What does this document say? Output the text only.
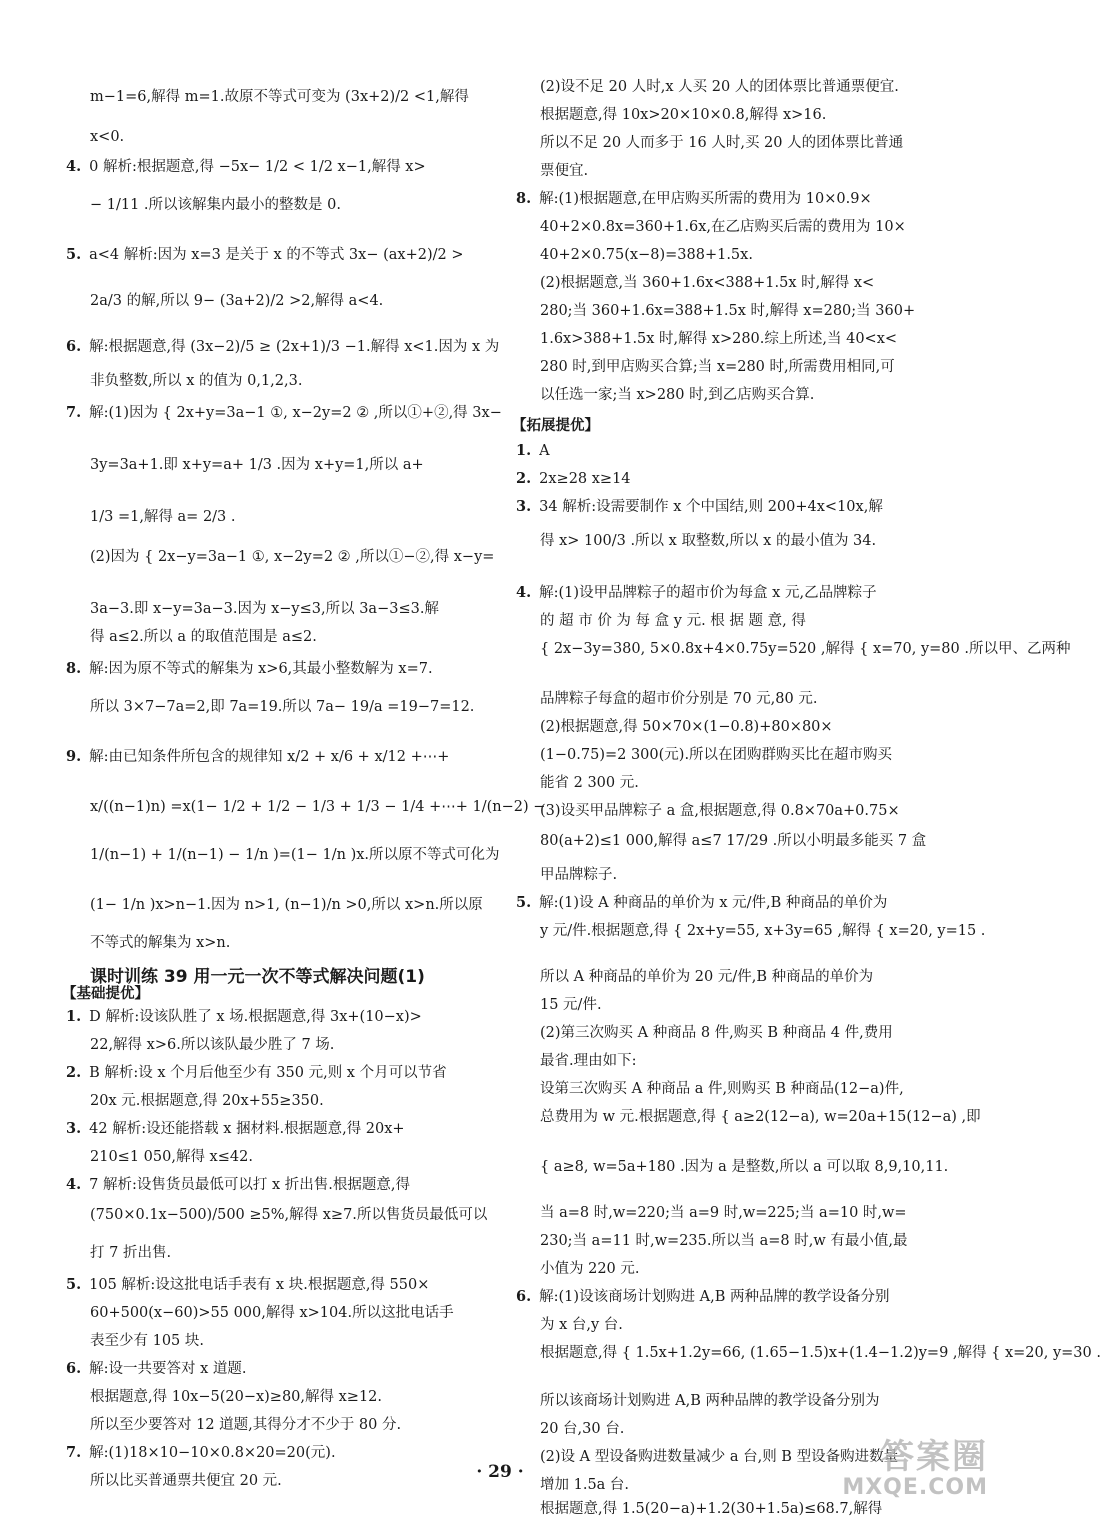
m−1=6,解得 m=1.故原不等式可变为 (3x+2)/2 <1,解得
x<0.
4. 0 解析:根据题意,得 −5x− 1/2 < 1/2 x−1,解得 x>
− 1/11 .所以该解集内最小的整数是 0.
5. a<4 解析:因为 x=3 是关于 x 的不等式 3x− (ax+2)/2 >
2a/3 的解,所以 9− (3a+2)/2 >2,解得 a<4.
6. 解:根据题意,得 (3x−2)/5 ≥ (2x+1)/3 −1.解得 x<1.因为 x 为
非负整数,所以 x 的值为 0,1,2,3.
7. 解:(1)因为 { 2x+y=3a−1 ①, x−2y=2 ② ,所以①+②,得 3x−
3y=3a+1.即 x+y=a+ 1/3 .因为 x+y=1,所以 a+
1/3 =1,解得 a= 2/3 .
(2)因为 { 2x−y=3a−1 ①, x−2y=2 ② ,所以①−②,得 x−y=
3a−3.即 x−y=3a−3.因为 x−y≤3,所以 3a−3≤3.解
得 a≤2.所以 a 的取值范围是 a≤2.
8. 解:因为原不等式的解集为 x>6,其最小整数解为 x=7.
所以 3×7−7a=2,即 7a=19.所以 7a− 19/a =19−7=12.
9. 解:由已知条件所包含的规律知 x/2 + x/6 + x/12 +⋯+
x/((n−1)n) =x(1− 1/2 + 1/2 − 1/3 + 1/3 − 1/4 +⋯+ 1/(n−2) −
1/(n−1) + 1/(n−1) − 1/n )=(1− 1/n )x.所以原不等式可化为
(1− 1/n )x>n−1.因为 n>1, (n−1)/n >0,所以 x>n.所以原
不等式的解集为 x>n.
1. D 解析:设该队胜了 x 场.根据题意,得 3x+(10−x)>
22,解得 x>6.所以该队最少胜了 7 场.
2. B 解析:设 x 个月后他至少有 350 元,则 x 个月可以节省
20x 元.根据题意,得 20x+55≥350.
3. 42 解析:设还能搭载 x 捆材料.根据题意,得 20x+
210≤1 050,解得 x≤42.
4. 7 解析:设售货员最低可以打 x 折出售.根据题意,得
(750×0.1x−500)/500 ≥5%,解得 x≥7.所以售货员最低可以
打 7 折出售.
5. 105 解析:设这批电话手表有 x 块.根据题意,得 550×
60+500(x−60)>55 000,解得 x>104.所以这批电话手
表至少有 105 块.
6. 解:设一共要答对 x 道题.
根据题意,得 10x−5(20−x)≥80,解得 x≥12.
所以至少要答对 12 道题,其得分才不少于 80 分.
7. 解:(1)18×10−10×0.8×20=20(元).
所以比买普通票共便宜 20 元.
(2)设不足 20 人时,x 人买 20 人的团体票比普通票便宜.
根据题意,得 10x>20×10×0.8,解得 x>16.
所以不足 20 人而多于 16 人时,买 20 人的团体票比普通
票便宜.
8. 解:(1)根据题意,在甲店购买所需的费用为 10×0.9×
40+2×0.8x=360+1.6x,在乙店购买后需的费用为 10×
40+2×0.75(x−8)=388+1.5x.
(2)根据题意,当 360+1.6x<388+1.5x 时,解得 x<
280;当 360+1.6x=388+1.5x 时,解得 x=280;当 360+
1.6x>388+1.5x 时,解得 x>280.综上所述,当 40<x<
280 时,到甲店购买合算;当 x=280 时,所需费用相同,可
以任选一家;当 x>280 时,到乙店购买合算.
1. A
2. 2x≥28 x≥14
3. 34 解析:设需要制作 x 个中国结,则 200+4x<10x,解
得 x> 100/3 .所以 x 取整数,所以 x 的最小值为 34.
4. 解:(1)设甲品牌粽子的超市价为每盒 x 元,乙品牌粽子
的 超 市 价 为 每 盒 y 元. 根 据 题 意, 得
{ 2x−3y=380, 5×0.8x+4×0.75y=520 ,解得 { x=70, y=80 .所以甲、乙两种
品牌粽子每盒的超市价分别是 70 元,80 元.
(2)根据题意,得 50×70×(1−0.8)+80×80×
(1−0.75)=2 300(元).所以在团购群购买比在超市购买
能省 2 300 元.
(3)设买甲品牌粽子 a 盒,根据题意,得 0.8×70a+0.75×
80(a+2)≤1 000,解得 a≤7 17/29 .所以小明最多能买 7 盒
甲品牌粽子.
5. 解:(1)设 A 种商品的单价为 x 元/件,B 种商品的单价为
y 元/件.根据题意,得 { 2x+y=55, x+3y=65 ,解得 { x=20, y=15 .
所以 A 种商品的单价为 20 元/件,B 种商品的单价为
15 元/件.
(2)第三次购买 A 种商品 8 件,购买 B 种商品 4 件,费用
最省.理由如下:
设第三次购买 A 种商品 a 件,则购买 B 种商品(12−a)件,
总费用为 w 元.根据题意,得 { a≥2(12−a), w=20a+15(12−a) ,即
{ a≥8, w=5a+180 .因为 a 是整数,所以 a 可以取 8,9,10,11.
当 a=8 时,w=220;当 a=9 时,w=225;当 a=10 时,w=
230;当 a=11 时,w=235.所以当 a=8 时,w 有最小值,最
小值为 220 元.
6. 解:(1)设该商场计划购进 A,B 两种品牌的教学设备分别
为 x 台,y 台.
根据题意,得 { 1.5x+1.2y=66, (1.65−1.5)x+(1.4−1.2)y=9 ,解得 { x=20, y=30 .
所以该商场计划购进 A,B 两种品牌的教学设备分别为
20 台,30 台.
(2)设 A 型设备购进数量减少 a 台,则 B 型设备购进数量
增加 1.5a 台.
根据题意,得 1.5(20−a)+1.2(30+1.5a)≤68.7,解得
课时训练 39 用一元一次不等式解决问题(1)
【基础提优】
【拓展提优】
· 29 ·	答案圈
MXQE.COM
